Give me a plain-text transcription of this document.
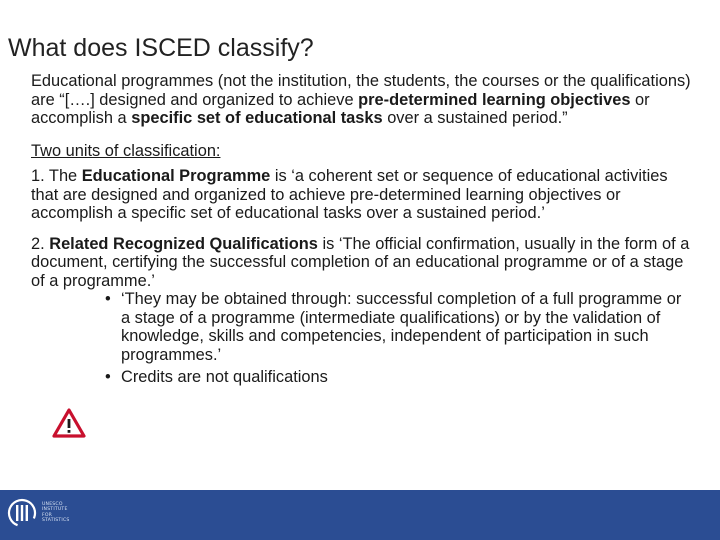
What does ISCED classify?

Educational programmes (not the institution, the students, the courses or the qualifications) are “[….] designed and organized to achieve pre-determined learning objectives or accomplish a specific set of educational tasks over a sustained period.”

Two units of classification:

1. The Educational Programme is ‘a coherent set or sequence of educational activities that are designed and organized to achieve pre-determined learning objectives or accomplish a specific set of educational tasks over a sustained period.’

2. Related Recognized Qualifications is ‘The official confirmation, usually in the form of a document, certifying the successful completion of an educational programme or of a stage of a programme.’

• ‘They may be obtained through: successful completion of a full programme or a stage of a programme (intermediate qualifications) or by the validation of knowledge, skills and competencies, independent of participation in such programmes.’
• Credits are not qualifications
UNESCO
INSTITUTE
FOR
STATISTICS
